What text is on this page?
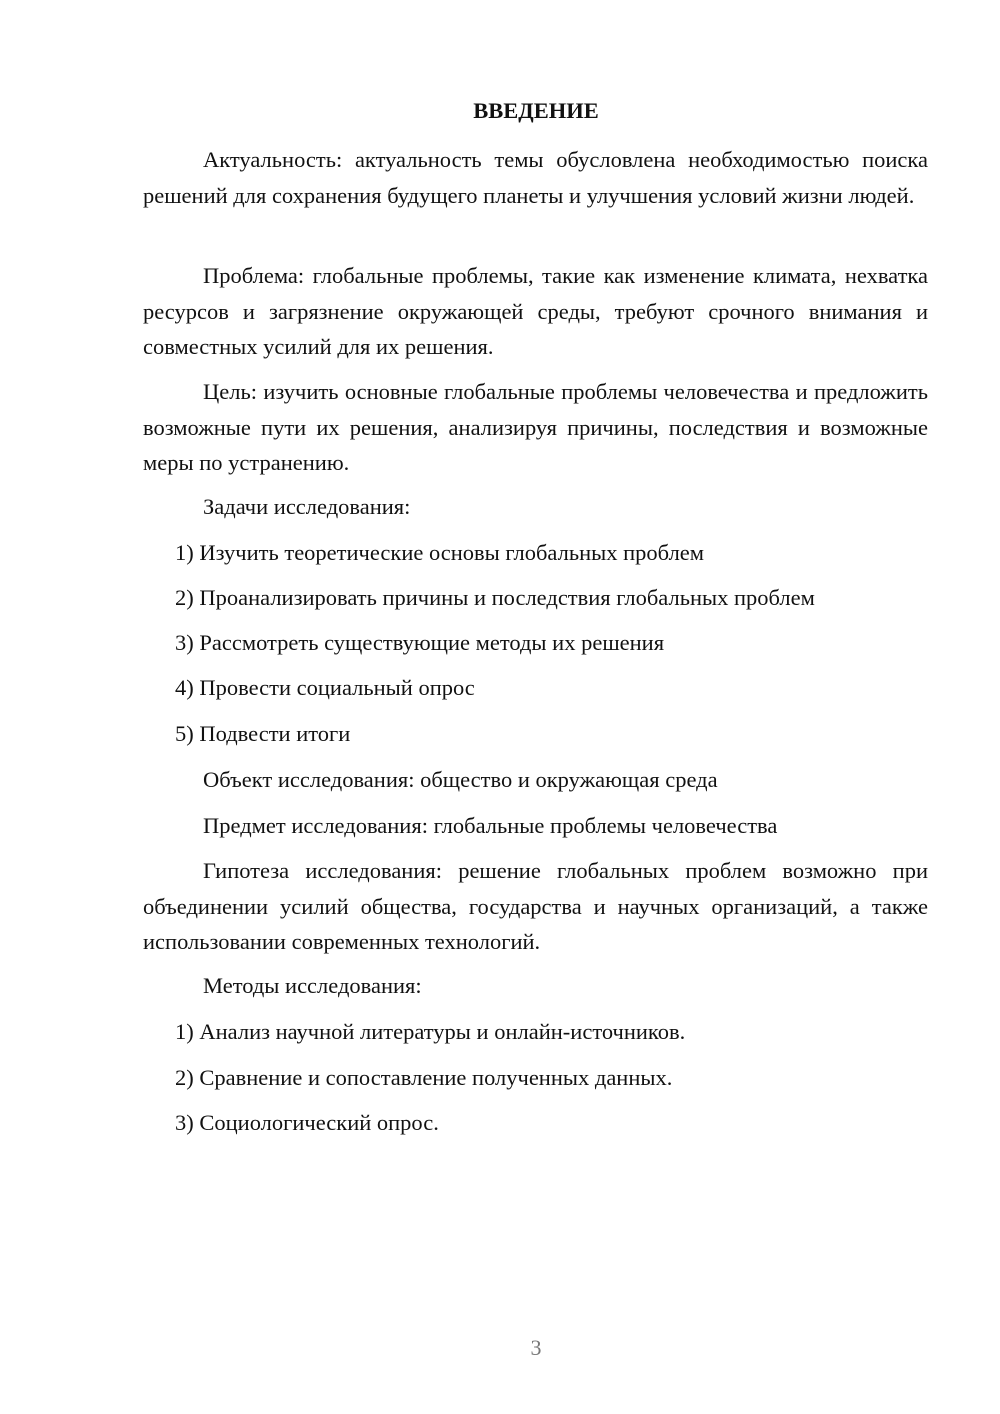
ВВЕДЕНИЕ

Актуальность: актуальность темы обусловлена необходимостью поиска решений для сохранения будущего планеты и улучшения условий жизни людей.

Проблема: глобальные проблемы, такие как изменение климата, нехватка ресурсов и загрязнение окружающей среды, требуют срочного внимания и совместных усилий для их решения.

Цель: изучить основные глобальные проблемы человечества и предложить возможные пути их решения, анализируя причины, последствия и возможные меры по устранению.

Задачи исследования:
1) Изучить теоретические основы глобальных проблем
2) Проанализировать причины и последствия глобальных проблем
3) Рассмотреть существующие методы их решения
4) Провести социальный опрос
5) Подвести итоги
Объект исследования: общество и окружающая среда
Предмет исследования: глобальные проблемы человечества

Гипотеза исследования: решение глобальных проблем возможно при объединении усилий общества, государства и научных организаций, а также использовании современных технологий.

Методы исследования:
1) Анализ научной литературы и онлайн-источников.
2) Сравнение и сопоставление полученных данных.
3) Социологический опрос.
3
